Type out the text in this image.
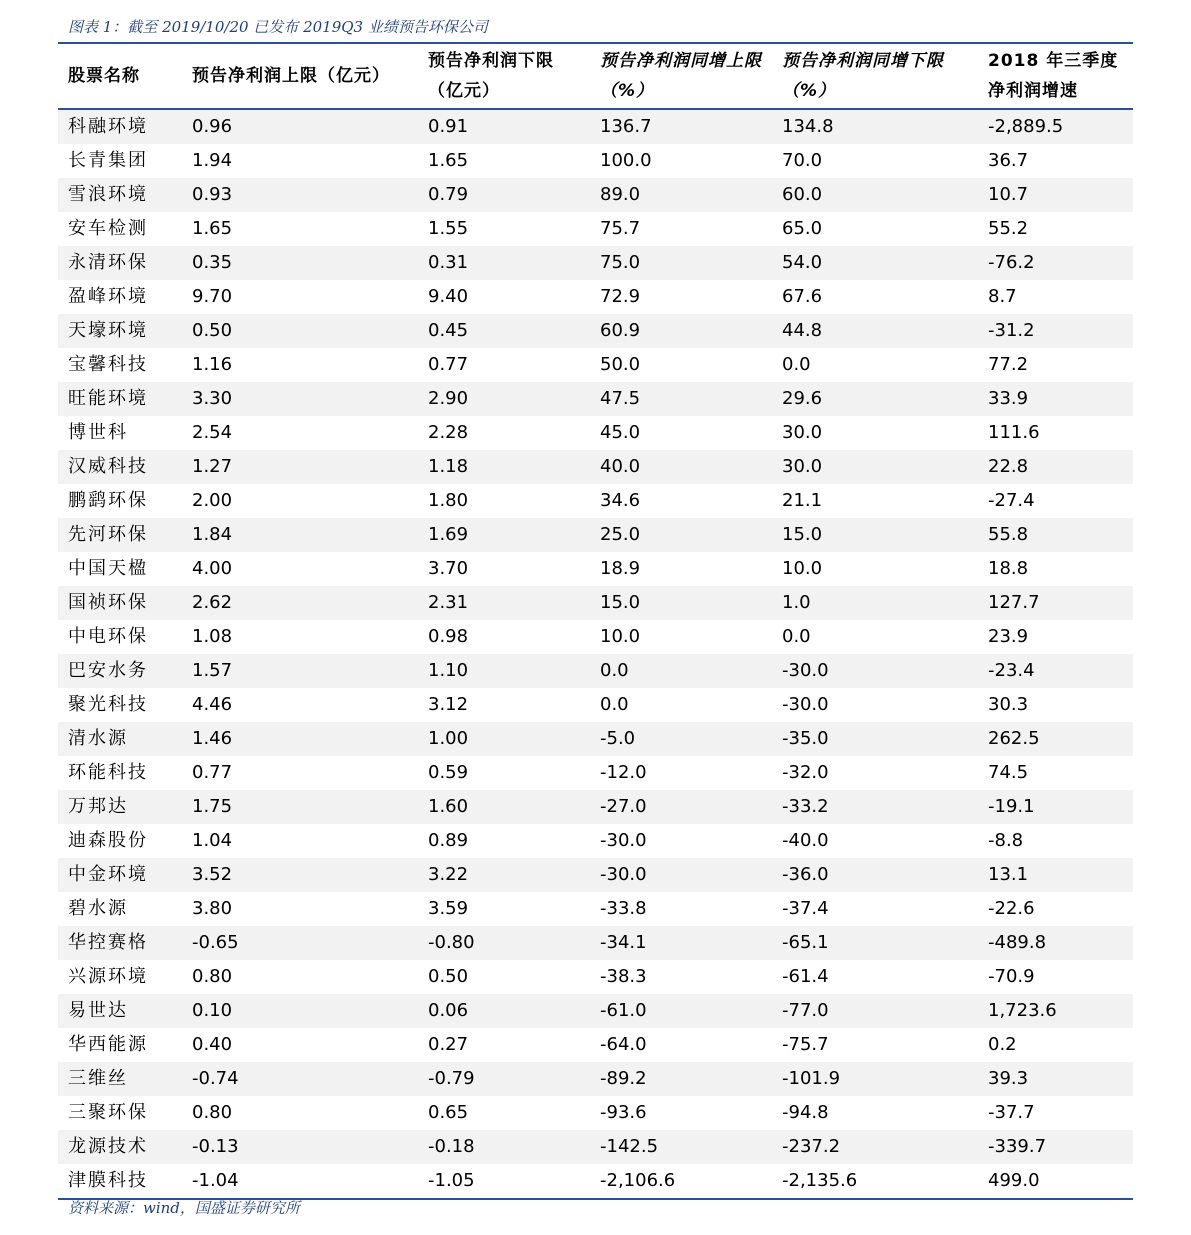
图表 1：截至 2019/10/20 已发布 2019Q3 业绩预告环保公司
股票名称	预告净利润上限（亿元）	预告净利润下限（亿元）	预告净利润同增上限（%）	预告净利润同增下限（%）	2018 年三季度净利润增速
科融环境	0.96	0.91	136.7	134.8	-2,889.5
长青集团	1.94	1.65	100.0	70.0	36.7
雪浪环境	0.93	0.79	89.0	60.0	10.7
安车检测	1.65	1.55	75.7	65.0	55.2
永清环保	0.35	0.31	75.0	54.0	-76.2
盈峰环境	9.70	9.40	72.9	67.6	8.7
天壕环境	0.50	0.45	60.9	44.8	-31.2
宝馨科技	1.16	0.77	50.0	0.0	77.2
旺能环境	3.30	2.90	47.5	29.6	33.9
博世科	2.54	2.28	45.0	30.0	111.6
汉威科技	1.27	1.18	40.0	30.0	22.8
鹏鹞环保	2.00	1.80	34.6	21.1	-27.4
先河环保	1.84	1.69	25.0	15.0	55.8
中国天楹	4.00	3.70	18.9	10.0	18.8
国祯环保	2.62	2.31	15.0	1.0	127.7
中电环保	1.08	0.98	10.0	0.0	23.9
巴安水务	1.57	1.10	0.0	-30.0	-23.4
聚光科技	4.46	3.12	0.0	-30.0	30.3
清水源	1.46	1.00	-5.0	-35.0	262.5
环能科技	0.77	0.59	-12.0	-32.0	74.5
万邦达	1.75	1.60	-27.0	-33.2	-19.1
迪森股份	1.04	0.89	-30.0	-40.0	-8.8
中金环境	3.52	3.22	-30.0	-36.0	13.1
碧水源	3.80	3.59	-33.8	-37.4	-22.6
华控赛格	-0.65	-0.80	-34.1	-65.1	-489.8
兴源环境	0.80	0.50	-38.3	-61.4	-70.9
易世达	0.10	0.06	-61.0	-77.0	1,723.6
华西能源	0.40	0.27	-64.0	-75.7	0.2
三维丝	-0.74	-0.79	-89.2	-101.9	39.3
三聚环保	0.80	0.65	-93.6	-94.8	-37.7
龙源技术	-0.13	-0.18	-142.5	-237.2	-339.7
津膜科技	-1.04	-1.05	-2,106.6	-2,135.6	499.0
资料来源：wind，国盛证券研究所
